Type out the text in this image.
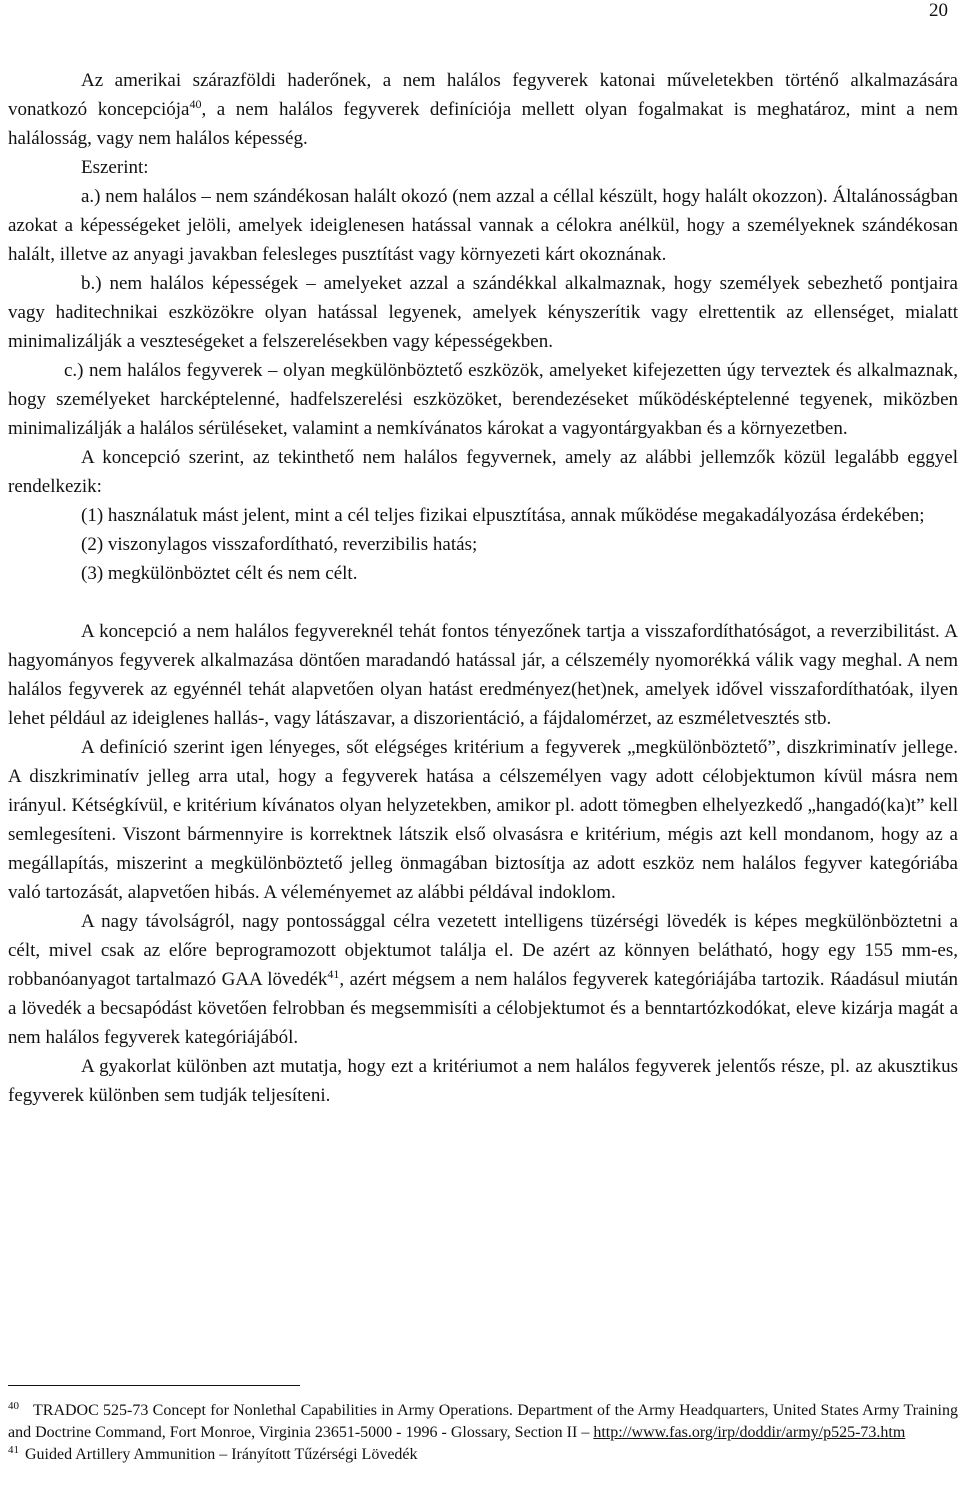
20

Az amerikai szárazföldi haderőnek, a nem halálos fegyverek katonai műveletekben történő alkalmazására vonatkozó koncepciója$^{40}$, a nem halálos fegyverek definíciója mellett olyan fogalmakat is meghatároz, mint a nem halálosság, vagy nem halálos képesség.

Eszerint:

a.) nem halálos – nem szándékosan halált okozó (nem azzal a céllal készült, hogy halált okozzon). Általánosságban azokat a képességeket jelöli, amelyek ideiglenesen hatással vannak a célokra anélkül, hogy a személyeknek szándékosan halált, illetve az anyagi javakban felesleges pusztítást vagy környezeti kárt okoznának.

b.) nem halálos képességek – amelyeket azzal a szándékkal alkalmaznak, hogy személyek sebezhető pontjaira vagy haditechnikai eszközökre olyan hatással legyenek, amelyek kényszerítik vagy elrettentik az ellenséget, mialatt minimalizálják a veszteségeket a felszerelésekben vagy képességekben.

c.) nem halálos fegyverek – olyan megkülönböztető eszközök, amelyeket kifejezetten úgy terveztek és alkalmaznak, hogy személyeket harcképtelenné, hadfelszerelési eszközöket, berendezéseket működésképtelenné tegyenek, miközben minimalizálják a halálos sérüléseket, valamint a nemkívánatos károkat a vagyontárgyakban és a környezetben.

A koncepció szerint, az tekinthető nem halálos fegyvernek, amely az alábbi jellemzők közül legalább eggyel rendelkezik:

(1) használatuk mást jelent, mint a cél teljes fizikai elpusztítása, annak működése megakadályozása érdekében;

(2) viszonylagos visszafordítható, reverzibilis hatás;

(3) megkülönböztet célt és nem célt.

A koncepció a nem halálos fegyvereknél tehát fontos tényezőnek tartja a visszafordíthatóságot, a reverzibilitást. A hagyományos fegyverek alkalmazása döntően maradandó hatással jár, a célszemély nyomorékká válik vagy meghal. A nem halálos fegyverek az egyénnél tehát alapvetően olyan hatást eredményez(het)nek, amelyek idővel visszafordíthatóak, ilyen lehet például az ideiglenes hallás-, vagy látászavar, a diszorientáció, a fájdalomérzet, az eszméletvesztés stb.

A definíció szerint igen lényeges, sőt elégséges kritérium a fegyverek „megkülönböztető”, diszkriminatív jellege. A diszkriminatív jelleg arra utal, hogy a fegyverek hatása a célszemélyen vagy adott célobjektumon kívül másra nem irányul. Kétségkívül, e kritérium kívánatos olyan helyzetekben, amikor pl. adott tömegben elhelyezkedő „hangadó(ka)t” kell semlegesíteni. Viszont bármennyire is korrektnek látszik első olvasásra e kritérium, mégis azt kell mondanom, hogy az a megállapítás, miszerint a megkülönböztető jelleg önmagában biztosítja az adott eszköz nem halálos fegyver kategóriába való tartozását, alapvetően hibás. A véleményemet az alábbi példával indoklom.

A nagy távolságról, nagy pontossággal célra vezetett intelligens tüzérségi lövedék is képes megkülönböztetni a célt, mivel csak az előre beprogramozott objektumot találja el. De azért az könnyen belátható, hogy egy 155 mm-es, robbanóanyagot tartalmazó GAA lövedék$^{41}$, azért mégsem a nem halálos fegyverek kategóriájába tartozik. Ráadásul miután a lövedék a becsapódást követően felrobban és megsemmisíti a célobjektumot és a benntartózkodókat, eleve kizárja magát a nem halálos fegyverek kategóriájából.

A gyakorlat különben azt mutatja, hogy ezt a kritériumot a nem halálos fegyverek jelentős része, pl. az akusztikus fegyverek különben sem tudják teljesíteni.

$^{40}$ TRADOC 525-73 Concept for Nonlethal Capabilities in Army Operations. Department of the Army Headquarters, United States Army Training and Doctrine Command, Fort Monroe, Virginia 23651-5000 - 1996 - Glossary, Section II – http://www.fas.org/irp/doddir/army/p525-73.htm

$^{41}$ Guided Artillery Ammunition – Irányított Tűzérségi Lövedék
